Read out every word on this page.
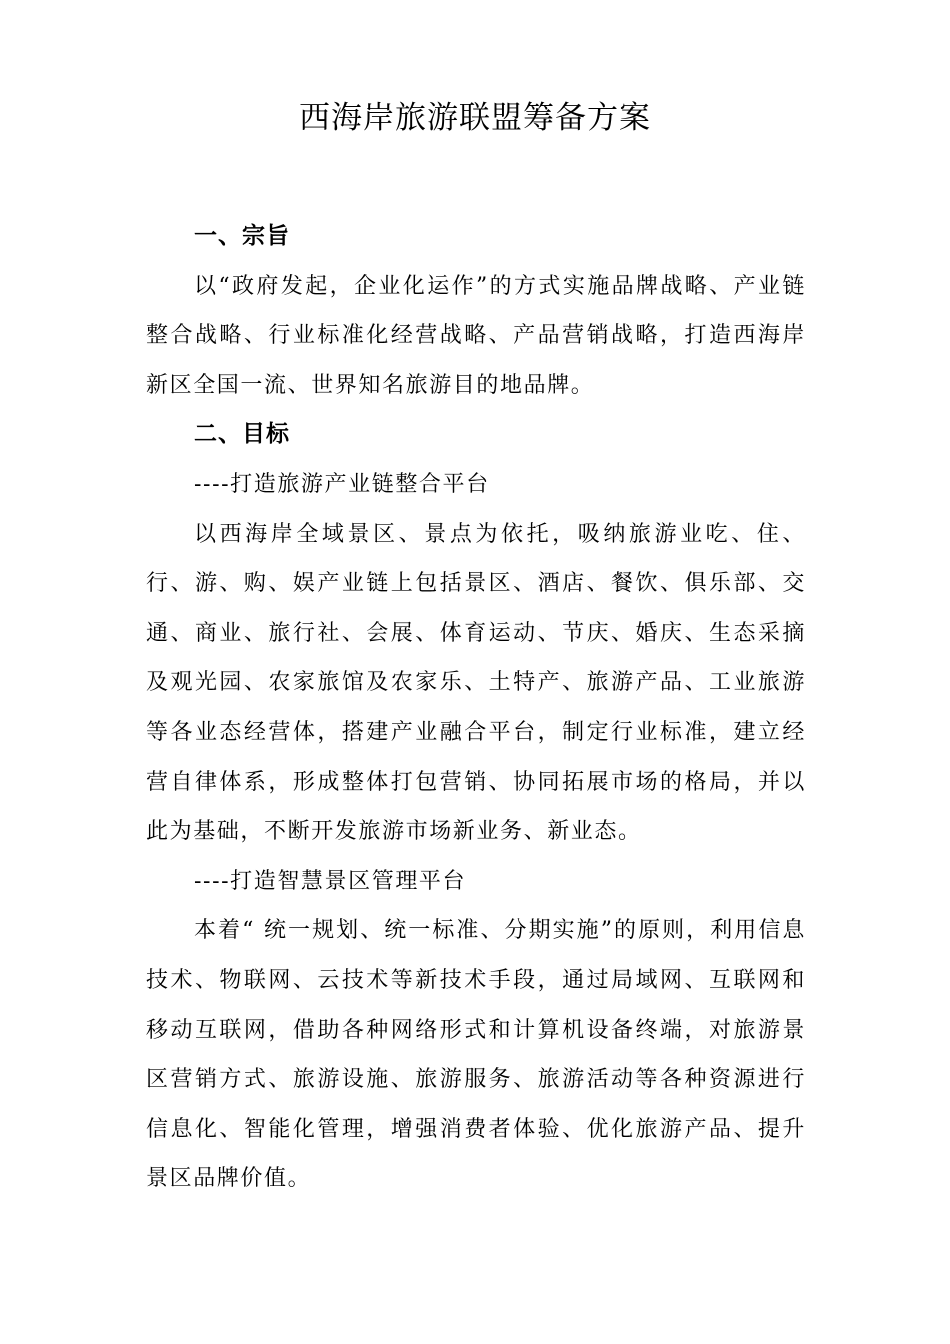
西海岸旅游联盟筹备方案
一、宗旨

以“政府发起，企业化运作”的方式实施品牌战略、产业链整合战略、行业标准化经营战略、产品营销战略，打造西海岸新区全国一流、世界知名旅游目的地品牌。

二、目标

----打造旅游产业链整合平台

以西海岸全域景区、景点为依托，吸纳旅游业吃、住、行、游、购、娱产业链上包括景区、酒店、餐饮、俱乐部、交通、商业、旅行社、会展、体育运动、节庆、婚庆、生态采摘及观光园、农家旅馆及农家乐、土特产、旅游产品、工业旅游等各业态经营体，搭建产业融合平台，制定行业标准，建立经营自律体系，形成整体打包营销、协同拓展市场的格局，并以此为基础，不断开发旅游市场新业务、新业态。

----打造智慧景区管理平台

本着“ 统一规划、统一标准、分期实施”的原则，利用信息技术、物联网、云技术等新技术手段，通过局域网、互联网和移动互联网，借助各种网络形式和计算机设备终端，对旅游景区营销方式、旅游设施、旅游服务、旅游活动等各种资源进行信息化、智能化管理，增强消费者体验、优化旅游产品、提升景区品牌价值。
